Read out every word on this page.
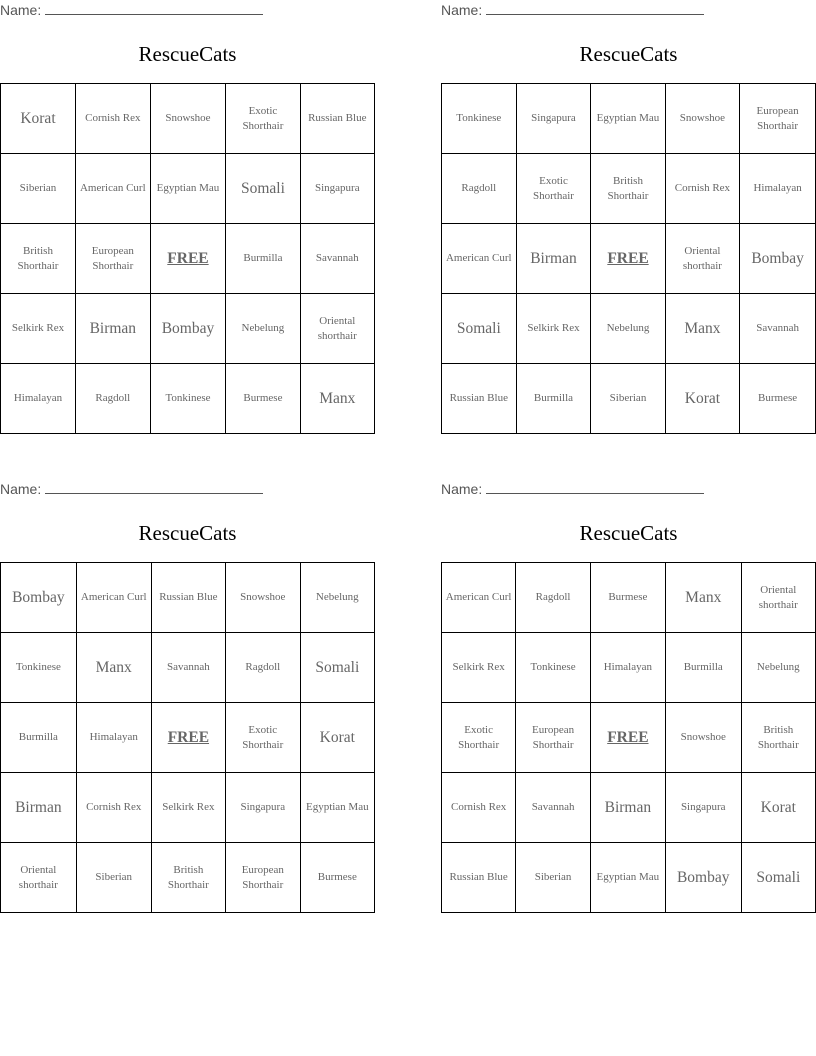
Name:
RescueCats
Korat	Cornish Rex	Snowshoe	Exotic Shorthair	Russian Blue
Siberian	American Curl	Egyptian Mau	Somali	Singapura
British Shorthair	European Shorthair	FREE	Burmilla	Savannah
Selkirk Rex	Birman	Bombay	Nebelung	Oriental shorthair
Himalayan	Ragdoll	Tonkinese	Burmese	Manx
Name:
RescueCats
Tonkinese	Singapura	Egyptian Mau	Snowshoe	European Shorthair
Ragdoll	Exotic Shorthair	British Shorthair	Cornish Rex	Himalayan
American Curl	Birman	FREE	Oriental shorthair	Bombay
Somali	Selkirk Rex	Nebelung	Manx	Savannah
Russian Blue	Burmilla	Siberian	Korat	Burmese
Name:
RescueCats
Bombay	American Curl	Russian Blue	Snowshoe	Nebelung
Tonkinese	Manx	Savannah	Ragdoll	Somali
Burmilla	Himalayan	FREE	Exotic Shorthair	Korat
Birman	Cornish Rex	Selkirk Rex	Singapura	Egyptian Mau
Oriental shorthair	Siberian	British Shorthair	European Shorthair	Burmese
Name:
RescueCats
American Curl	Ragdoll	Burmese	Manx	Oriental shorthair
Selkirk Rex	Tonkinese	Himalayan	Burmilla	Nebelung
Exotic Shorthair	European Shorthair	FREE	Snowshoe	British Shorthair
Cornish Rex	Savannah	Birman	Singapura	Korat
Russian Blue	Siberian	Egyptian Mau	Bombay	Somali
